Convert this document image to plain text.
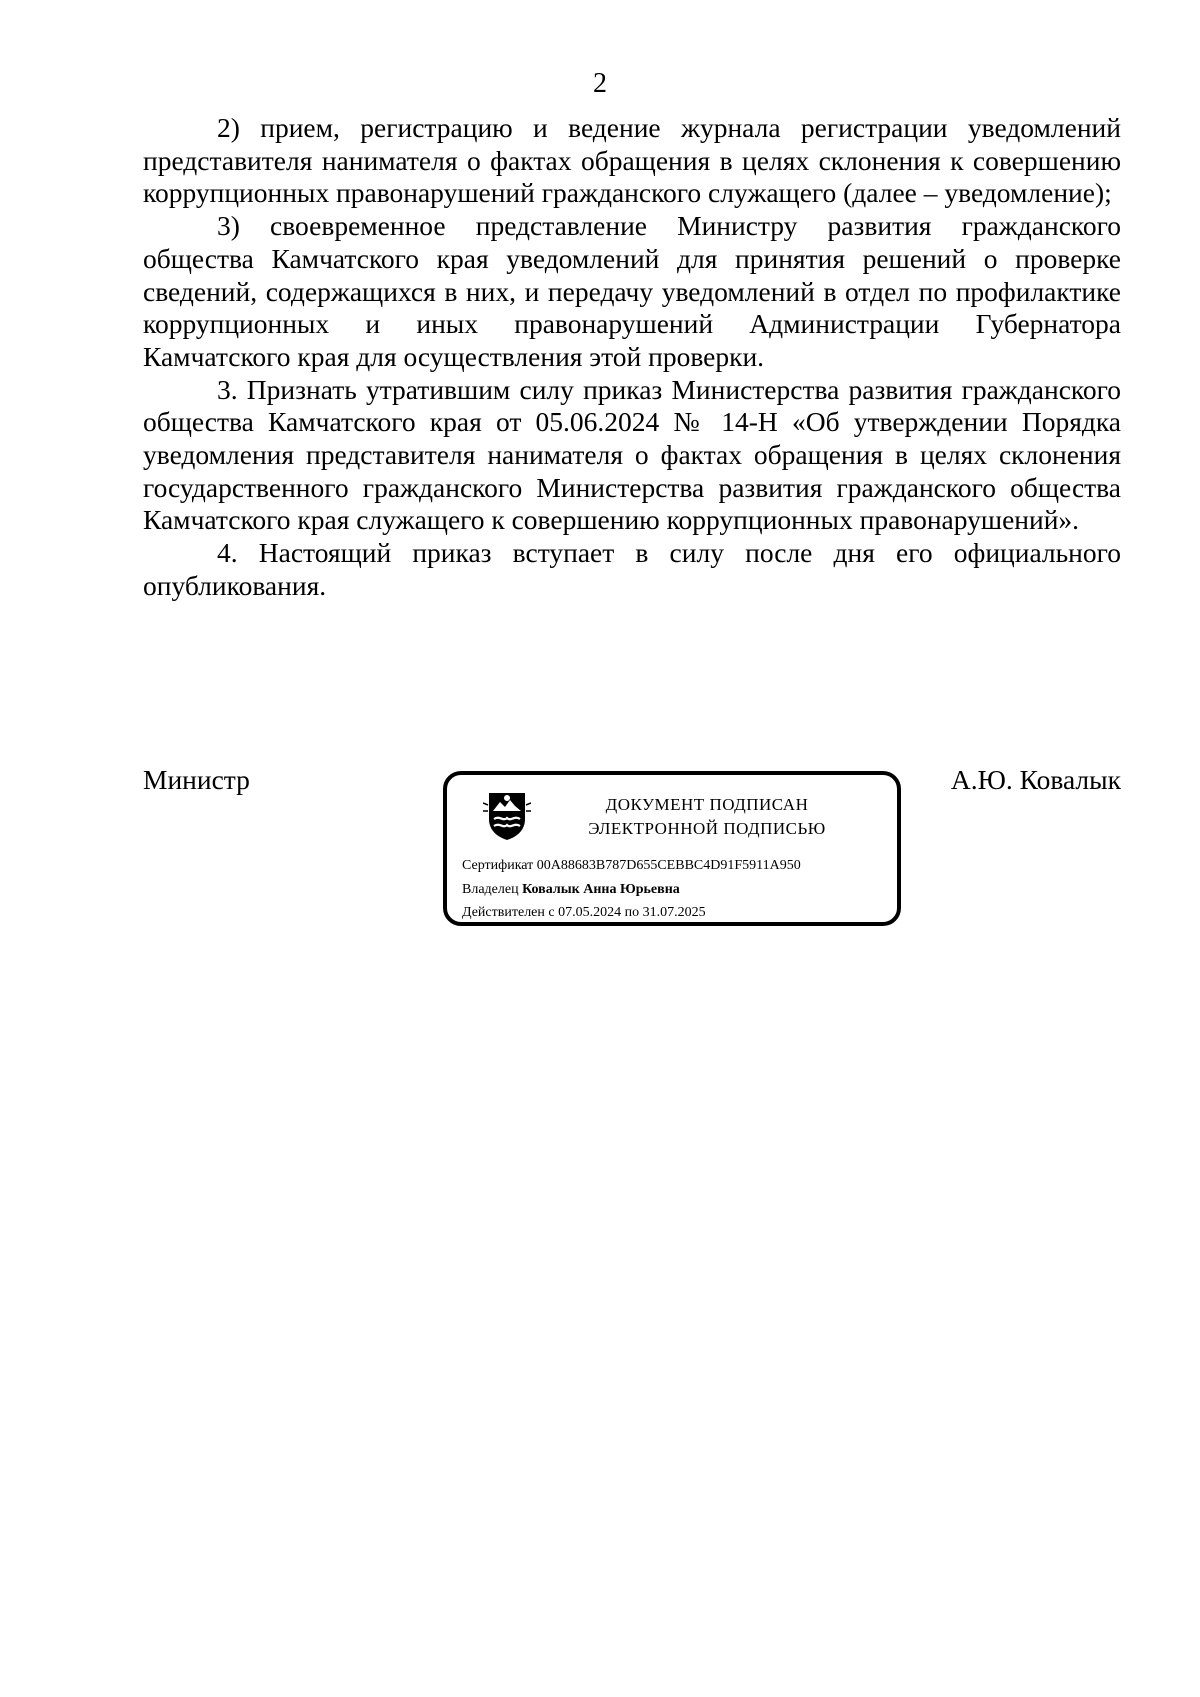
2

2) прием, регистрацию и ведение журнала регистрации уведомлений представителя нанимателя о фактах обращения в целях склонения к совершению коррупционных правонарушений гражданского служащего (далее – уведомление);

3) своевременное представление Министру развития гражданского общества Камчатского края уведомлений для принятия решений о проверке сведений, содержащихся в них, и передачу уведомлений в отдел по профилактике коррупционных и иных правонарушений Администрации Губернатора Камчатского края для осуществления этой проверки.

3. Признать утратившим силу приказ Министерства развития гражданского общества Камчатского края от 05.06.2024 № 14-Н «Об утверждении Порядка уведомления представителя нанимателя о фактах обращения в целях склонения государственного гражданского Министерства развития гражданского общества Камчатского края служащего к совершению коррупционных правонарушений».

4. Настоящий приказ вступает в силу после дня его официального опубликования.

Министр	А.Ю. Ковалык
ДОКУМЕНТ ПОДПИСАН
ЭЛЕКТРОННОЙ ПОДПИСЬЮ
Сертификат 00A88683B787D655CEBBC4D91F5911A950
Владелец Ковалык Анна Юрьевна
Действителен с 07.05.2024 по 31.07.2025
